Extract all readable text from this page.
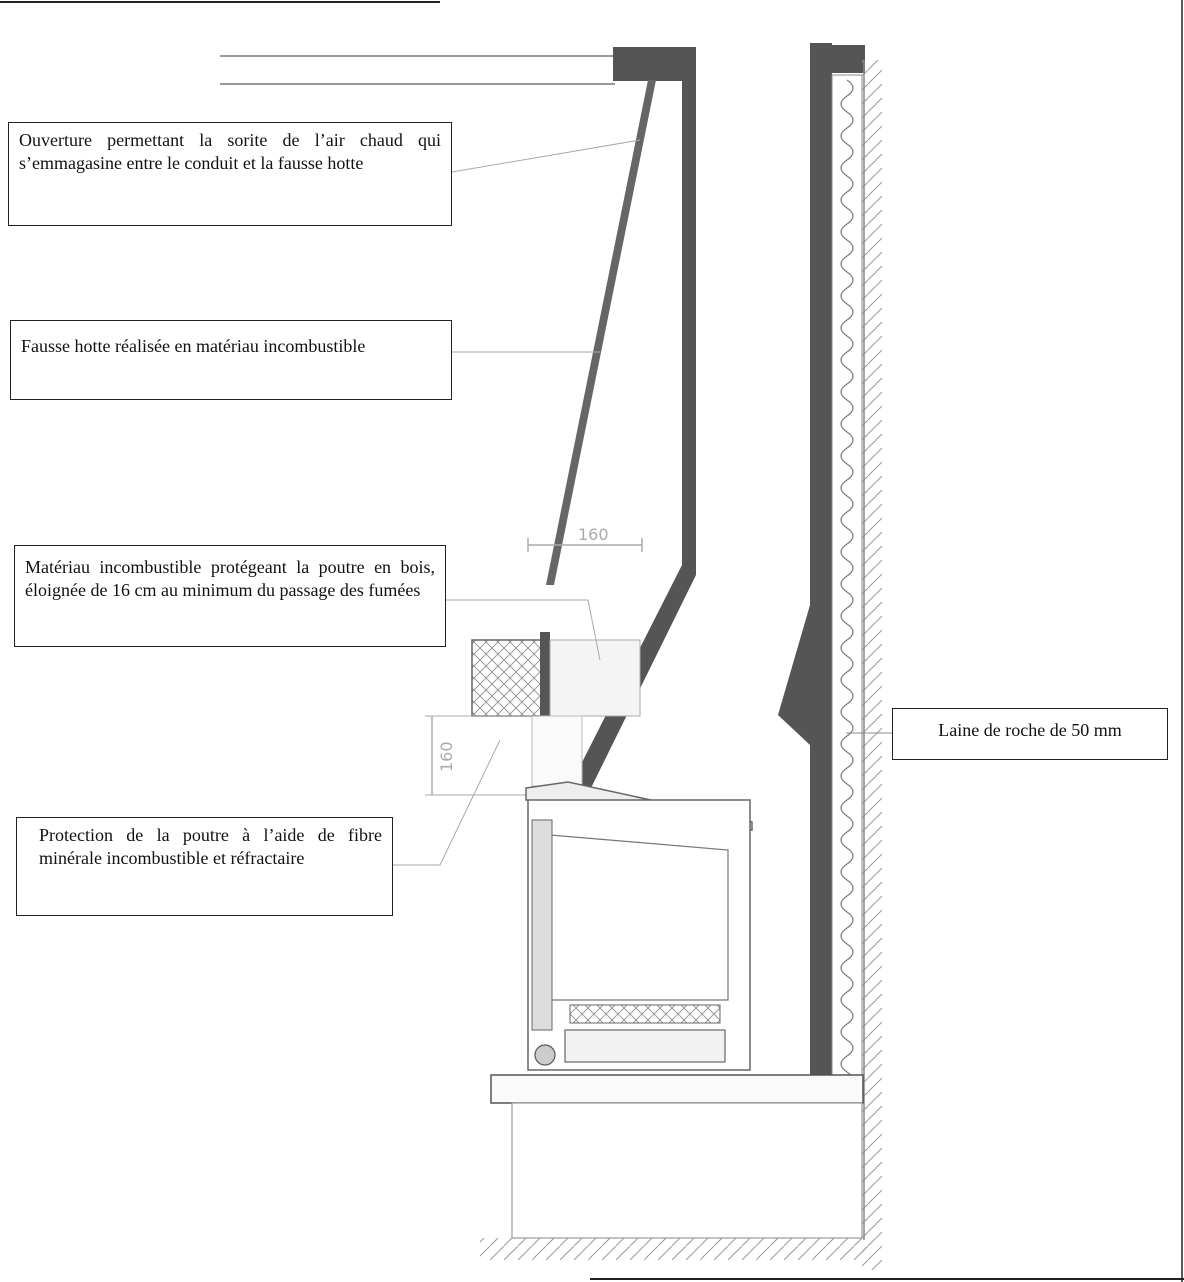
160
160
Ouverture permettant la sorite de l’air chaud qui s’emmagasine entre le conduit et la fausse hotte
Fausse hotte réalisée en matériau incombustible
Matériau incombustible protégeant la poutre en bois, éloignée de 16 cm au minimum du passage des fumées
Protection de la poutre à l’aide de fibre minérale incombustible et réfractaire
Laine de roche de 50 mm
